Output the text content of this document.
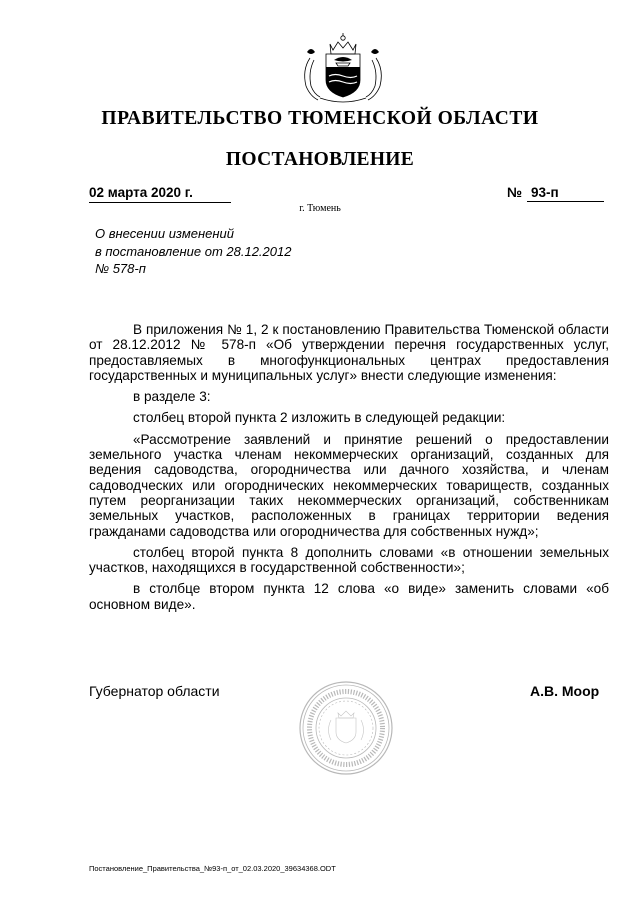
ПРАВИТЕЛЬСТВО ТЮМЕНСКОЙ ОБЛАСТИ
ПОСТАНОВЛЕНИЕ
02 марта 2020 г.	№ 93-п
г. Тюмень
О внесении изменений
в постановление от 28.12.2012
№ 578-п

В приложения № 1, 2 к постановлению Правительства Тюменской области от 28.12.2012 № 578-п «Об утверждении перечня государственных услуг, предоставляемых в многофункциональных центрах предоставления государственных и муниципальных услуг» внести следующие изменения:

в разделе 3:

столбец второй пункта 2 изложить в следующей редакции:

«Рассмотрение заявлений и принятие решений о предоставлении земельного участка членам некоммерческих организаций, созданных для ведения садоводства, огородничества или дачного хозяйства, и членам садоводческих или огороднических некоммерческих товариществ, созданных путем реорганизации таких некоммерческих организаций, собственникам земельных участков, расположенных в границах территории ведения гражданами садоводства или огородничества для собственных нужд»;

столбец второй пункта 8 дополнить словами «в отношении земельных участков, находящихся в государственной собственности»;

в столбце втором пункта 12 слова «о виде» заменить словами «об основном виде».

Губернатор области	А.В. Моор
Постановление_Правительства_№93-п_от_02.03.2020_39634368.ODT
